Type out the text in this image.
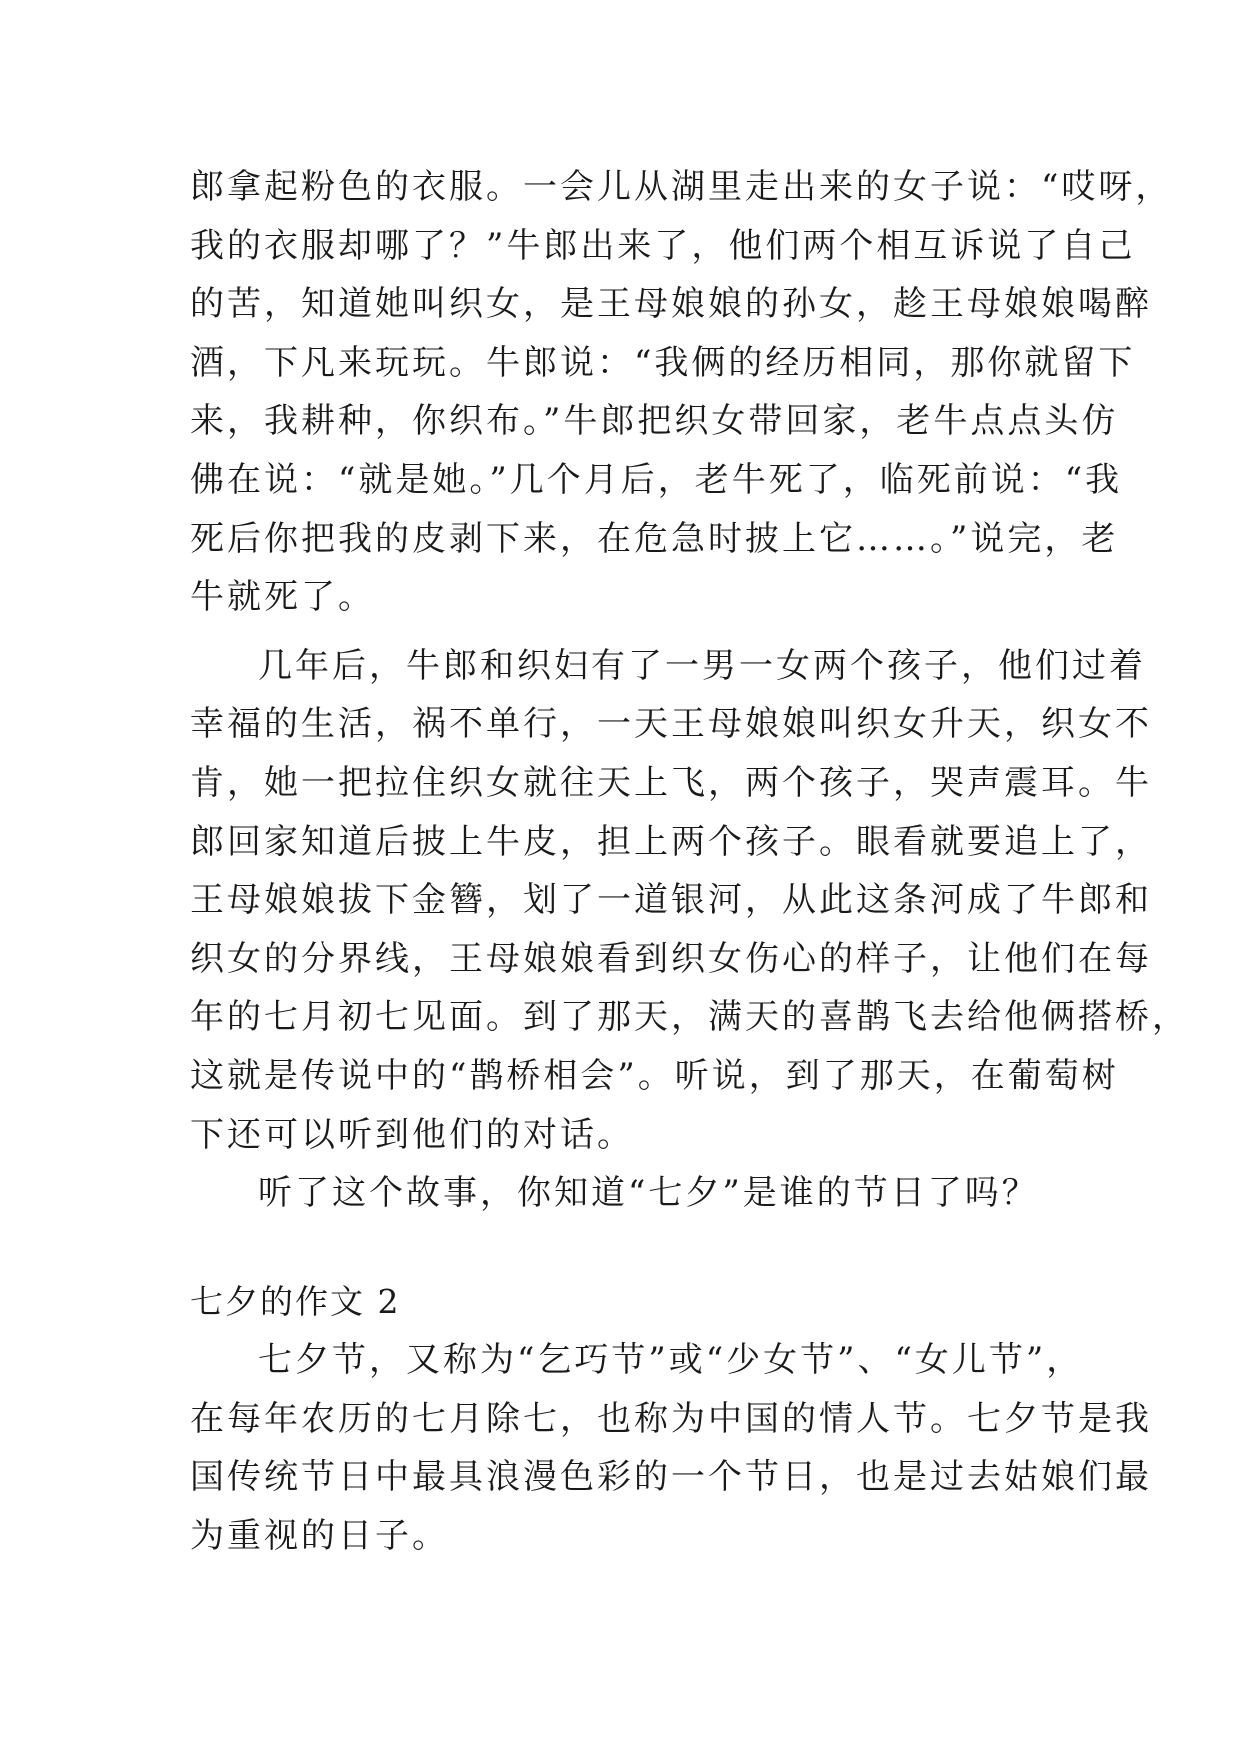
郎拿起粉色的衣服。一会儿从湖里走出来的女子说：“哎呀，
我的衣服却哪了？”牛郎出来了，他们两个相互诉说了自己
的苦，知道她叫织女，是王母娘娘的孙女，趁王母娘娘喝醉
酒，下凡来玩玩。牛郎说：“我俩的经历相同，那你就留下
来，我耕种，你织布。”牛郎把织女带回家，老牛点点头仿
佛在说：“就是她。”几个月后，老牛死了，临死前说：“我
死后你把我的皮剥下来，在危急时披上它……。”说完，老
牛就死了。
几年后，牛郎和织妇有了一男一女两个孩子，他们过着
幸福的生活，祸不单行，一天王母娘娘叫织女升天，织女不
肯，她一把拉住织女就往天上飞，两个孩子，哭声震耳。牛
郎回家知道后披上牛皮，担上两个孩子。眼看就要追上了，
王母娘娘拔下金簪，划了一道银河，从此这条河成了牛郎和
织女的分界线，王母娘娘看到织女伤心的样子，让他们在每
年的七月初七见面。到了那天，满天的喜鹊飞去给他俩搭桥，
这就是传说中的“鹊桥相会”。听说，到了那天，在葡萄树
下还可以听到他们的对话。
听了这个故事，你知道“七夕”是谁的节日了吗？
七夕的作文 2
七夕节，又称为“乞巧节”或“少女节”、“女儿节”，
在每年农历的七月除七，也称为中国的情人节。七夕节是我
国传统节日中最具浪漫色彩的一个节日，也是过去姑娘们最
为重视的日子。
